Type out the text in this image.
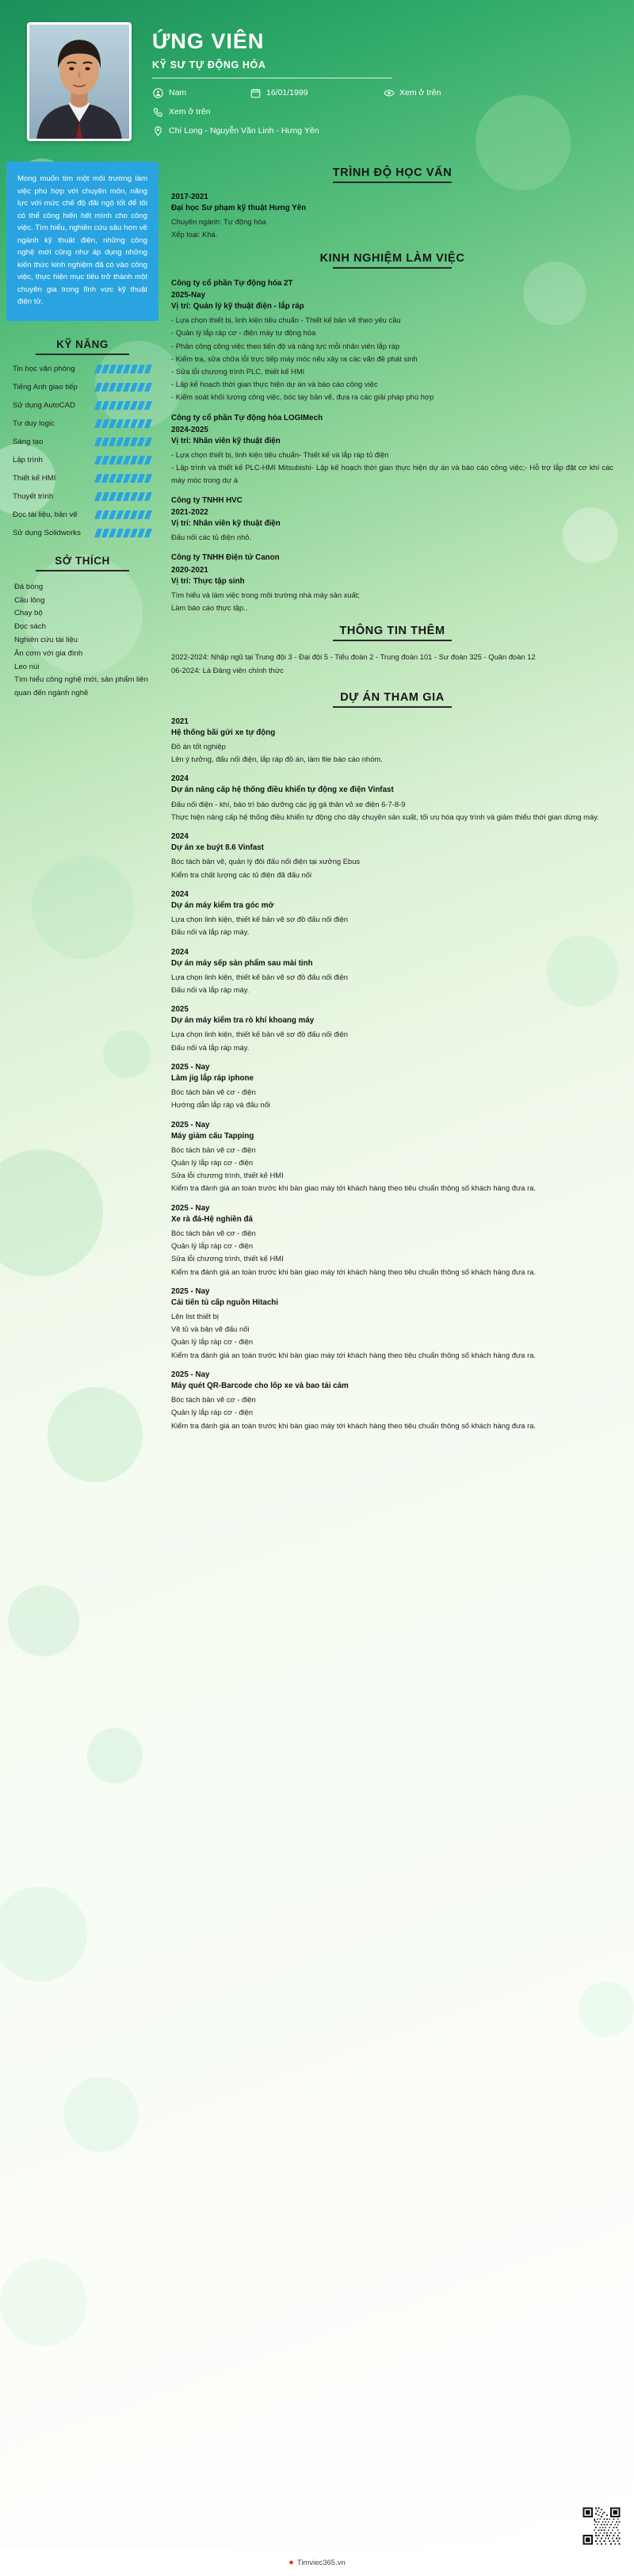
ỨNG VIÊN
KỸ SƯ TỰ ĐỘNG HÓA
Nam	16/01/1999	Xem ở trên
Xem ở trên
Chí Long - Nguyễn Văn Linh - Hưng Yên
Mong muốn tìm một môi trường làm việc phù hợp với chuyên môn, năng lực với mức chế độ đãi ngộ tốt để tôi có thể công hiến hết mình cho công việc. Tìm hiểu, nghiên cứu sâu hơn về ngành kỹ thuật điện, những công nghệ mới cũng như áp dụng những kiến thức kinh nghiệm đã có vào công việc, thực hiện mục tiêu trở thành một chuyên gia trong lĩnh vực kỹ thuật điện tử.
KỸ NĂNG
Tin học văn phòng
Tiếng Anh giao tiếp
Sử dụng AutoCAD
Tư duy logic
Sáng tạo
Lập trình
Thiết kế HMI
Thuyết trình
Đọc tài liệu, bản vẽ
Sử dụng Solidworks
SỞ THÍCH
Đá bóng
Cầu lông
Chạy bộ
Đọc sách
Nghiên cứu tài liệu
Ăn cơm với gia đình
Leo núi
Tìm hiểu công nghệ mới, sản phẩm liên quan đến ngành nghề
TRÌNH ĐỘ HỌC VẤN
2017-2021
Đại học Sư phạm kỹ thuật Hưng Yên
Chuyên ngành: Tự động hóa
Xếp loại: Khá.
KINH NGHIỆM LÀM VIỆC
Công ty cổ phần Tự động hóa 2T
2025-Nay
Vị trí: Quản lý kỹ thuật điện - lắp ráp
- Lựa chọn thiết bị, linh kiện tiêu chuẩn - Thiết kế bản vẽ theo yêu cầu
- Quản lý lắp ráp cơ - điện máy tự động hóa
- Phân công công việc theo tiến độ và năng lực mỗi nhân viên lắp ráp
- Kiểm tra, sửa chữa lỗi trực tiếp máy móc nếu xảy ra các vấn đề phát sinh
- Sửa lỗi chương trình PLC, thiết kế HMI
- Lập kế hoạch thời gian thực hiện dự án và báo cáo công việc
- Kiểm soát khối lượng công việc, bóc tay bản vẽ, đưa ra các giải pháp phù hợp
Công ty cổ phần Tự động hóa LOGIMech
2024-2025
Vị trí: Nhân viên kỹ thuật điện
- Lựa chọn thiết bị, linh kiện tiêu chuẩn- Thiết kế và lắp ráp tủ điện
- Lập trình và thiết kế PLC-HMI Mitsubishi- Lập kế hoạch thời gian thực hiện dự án và báo cáo công việc;- Hỗ trợ lắp đặt cơ khí các máy móc trong dự á
Công ty TNHH HVC
2021-2022
Vị trí: Nhân viên kỹ thuật điện
Đấu nối các tủ điện nhỏ.
Công ty TNHH Điện tử Canon
2020-2021
Vị trí: Thực tập sinh
Tìm hiểu và làm việc trong môi trường nhà máy sản xuất;
Làm báo cáo thực tập..
THÔNG TIN THÊM
2022-2024: Nhập ngũ tại Trung đội 3 - Đại đội 5 - Tiểu đoàn 2 - Trung đoàn 101 - Sư đoàn 325 - Quân đoàn 12
06-2024: Là Đảng viên chính thức
DỰ ÁN THAM GIA
2021
Hệ thống bãi gửi xe tự động
Đồ án tốt nghiệp
Lên ý tưởng, đấu nối điện, lắp ráp đồ án, làm file báo cáo nhóm.
2024
Dự án nâng cấp hệ thống điều khiển tự động xe điện Vinfast
Đấu nối điện - khí, bảo trì bảo dưỡng các jig gá thân vỏ xe điện 6-7-8-9
Thực hiện nâng cấp hệ thống điều khiển tự động cho dây chuyền sản xuất, tối ưu hóa quy trình và giảm thiểu thời gian dừng máy.
2024
Dự án xe buýt 8.6 Vinfast
Bóc tách bản vẽ, quản lý đôi đấu nối điện tại xưởng Ebus
Kiểm tra chất lượng các tủ điện đã đấu nối
2024
Dự án máy kiểm tra góc mở
Lựa chọn linh kiện, thiết kế bản vẽ sơ đồ đấu nối điện
Đấu nối và lắp ráp máy.
2024
Dự án máy sếp sản phẩm sau mài tinh
Lựa chọn linh kiện, thiết kế bản vẽ sơ đồ đấu nối điện
Đấu nối và lắp ráp máy.
2025
Dự án máy kiểm tra rò khí khoang máy
Lựa chọn linh kiện, thiết kế bản vẽ sơ đồ đấu nối điện
Đấu nối và lắp ráp máy.
2025 - Nay
Làm jig lắp ráp iphone
Bóc tách bản vẽ cơ - điện
Hướng dẫn lắp ráp và đấu nối
2025 - Nay
Máy giảm cấu Tapping
Bóc tách bản vẽ cơ - điện
Quản lý lắp ráp cơ - điện
Sửa lỗi chương trình, thiết kế HMI
Kiểm tra đánh giá an toàn trước khi bàn giao máy tới khách hàng theo tiêu chuẩn thông số khách hàng đưa ra.
2025 - Nay
Xe rà đá-Hệ nghiền đá
Bóc tách bản vẽ cơ - điện
Quản lý lắp ráp cơ - điện
Sửa lỗi chương trình, thiết kế HMI
Kiểm tra đánh giá an toàn trước khi bàn giao máy tới khách hàng theo tiêu chuẩn thông số khách hàng đưa ra.
2025 - Nay
Cải tiến tủ cấp nguồn Hitachi
Lên list thiết bị
Vẽ tủ và bản vẽ đấu nối
Quản lý lắp ráp cơ - điện
Kiểm tra đánh giá an toàn trước khi bàn giao máy tới khách hàng theo tiêu chuẩn thông số khách hàng đưa ra.
2025 - Nay
Máy quét QR-Barcode cho lốp xe và bao tải cám
Bóc tách bản vẽ cơ - điện
Quản lý lắp ráp cơ - điện
Kiểm tra đánh giá an toàn trước khi bàn giao máy tới khách hàng theo tiêu chuẩn thông số khách hàng đưa ra.
● Timviec365.vn
